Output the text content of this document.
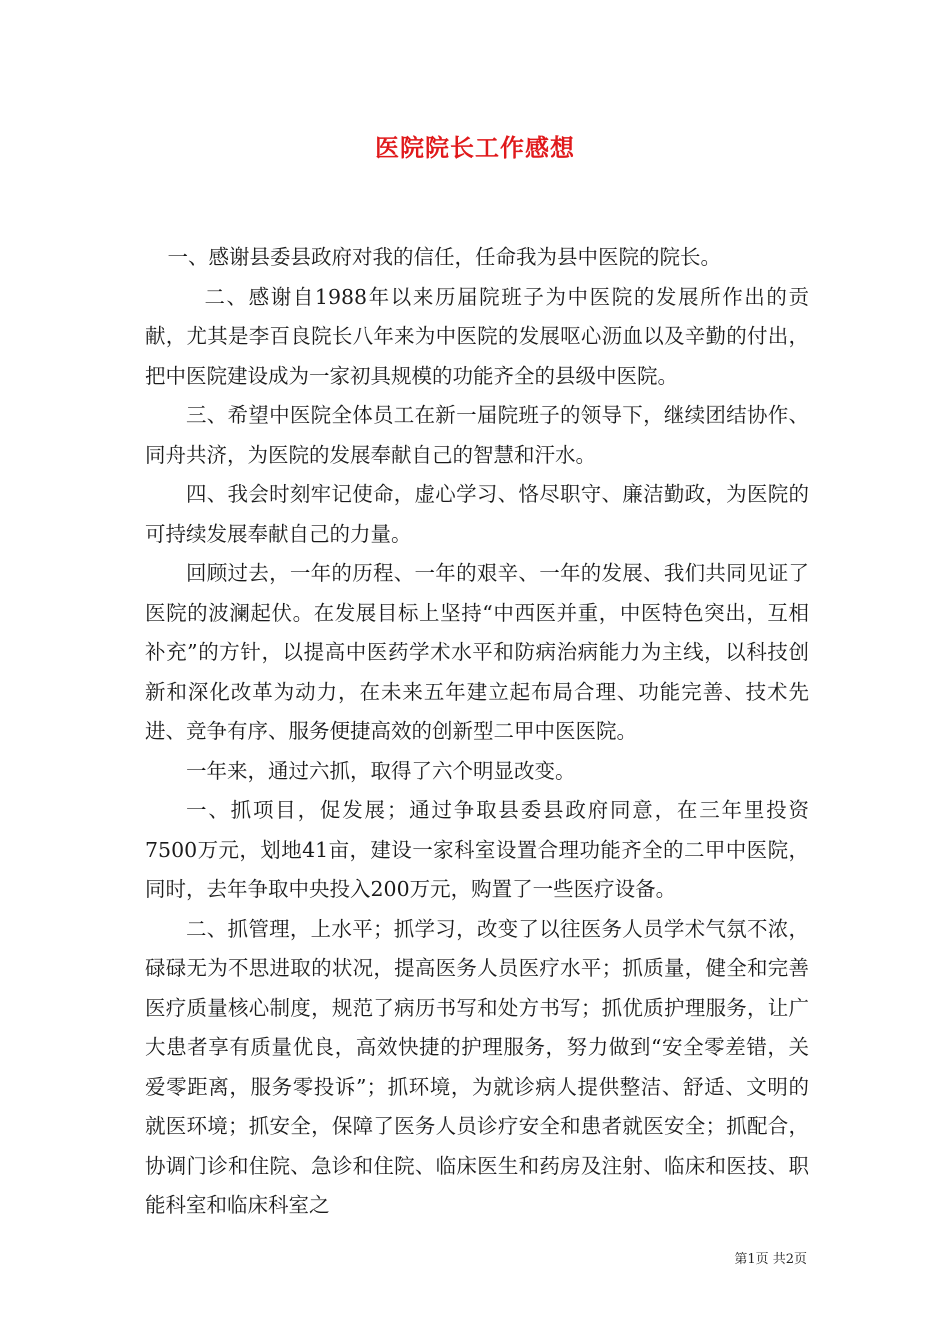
医院院长工作感想

一、感谢县委县政府对我的信任，任命我为县中医院的院长。

二、感谢自1988年以来历届院班子为中医院的发展所作出的贡献，尤其是李百良院长八年来为中医院的发展呕心沥血以及辛勤的付出，把中医院建设成为一家初具规模的功能齐全的县级中医院。

三、希望中医院全体员工在新一届院班子的领导下，继续团结协作、同舟共济，为医院的发展奉献自己的智慧和汗水。

四、我会时刻牢记使命，虚心学习、恪尽职守、廉洁勤政，为医院的可持续发展奉献自己的力量。

回顾过去，一年的历程、一年的艰辛、一年的发展、我们共同见证了医院的波澜起伏。在发展目标上坚持“中西医并重，中医特色突出，互相补充”的方针，以提高中医药学术水平和防病治病能力为主线，以科技创新和深化改革为动力，在未来五年建立起布局合理、功能完善、技术先进、竞争有序、服务便捷高效的创新型二甲中医医院。

一年来，通过六抓，取得了六个明显改变。

一、抓项目，促发展；通过争取县委县政府同意，在三年里投资7500万元，划地41亩，建设一家科室设置合理功能齐全的二甲中医院，同时，去年争取中央投入200万元，购置了一些医疗设备。

二、抓管理，上水平；抓学习，改变了以往医务人员学术气氛不浓，碌碌无为不思进取的状况，提高医务人员医疗水平；抓质量，健全和完善医疗质量核心制度，规范了病历书写和处方书写；抓优质护理服务，让广大患者享有质量优良，高效快捷的护理服务，努力做到“安全零差错，关爱零距离，服务零投诉”；抓环境，为就诊病人提供整洁、舒适、文明的就医环境；抓安全，保障了医务人员诊疗安全和患者就医安全；抓配合，协调门诊和住院、急诊和住院、临床医生和药房及注射、临床和医技、职能科室和临床科室之

第1页 共2页
